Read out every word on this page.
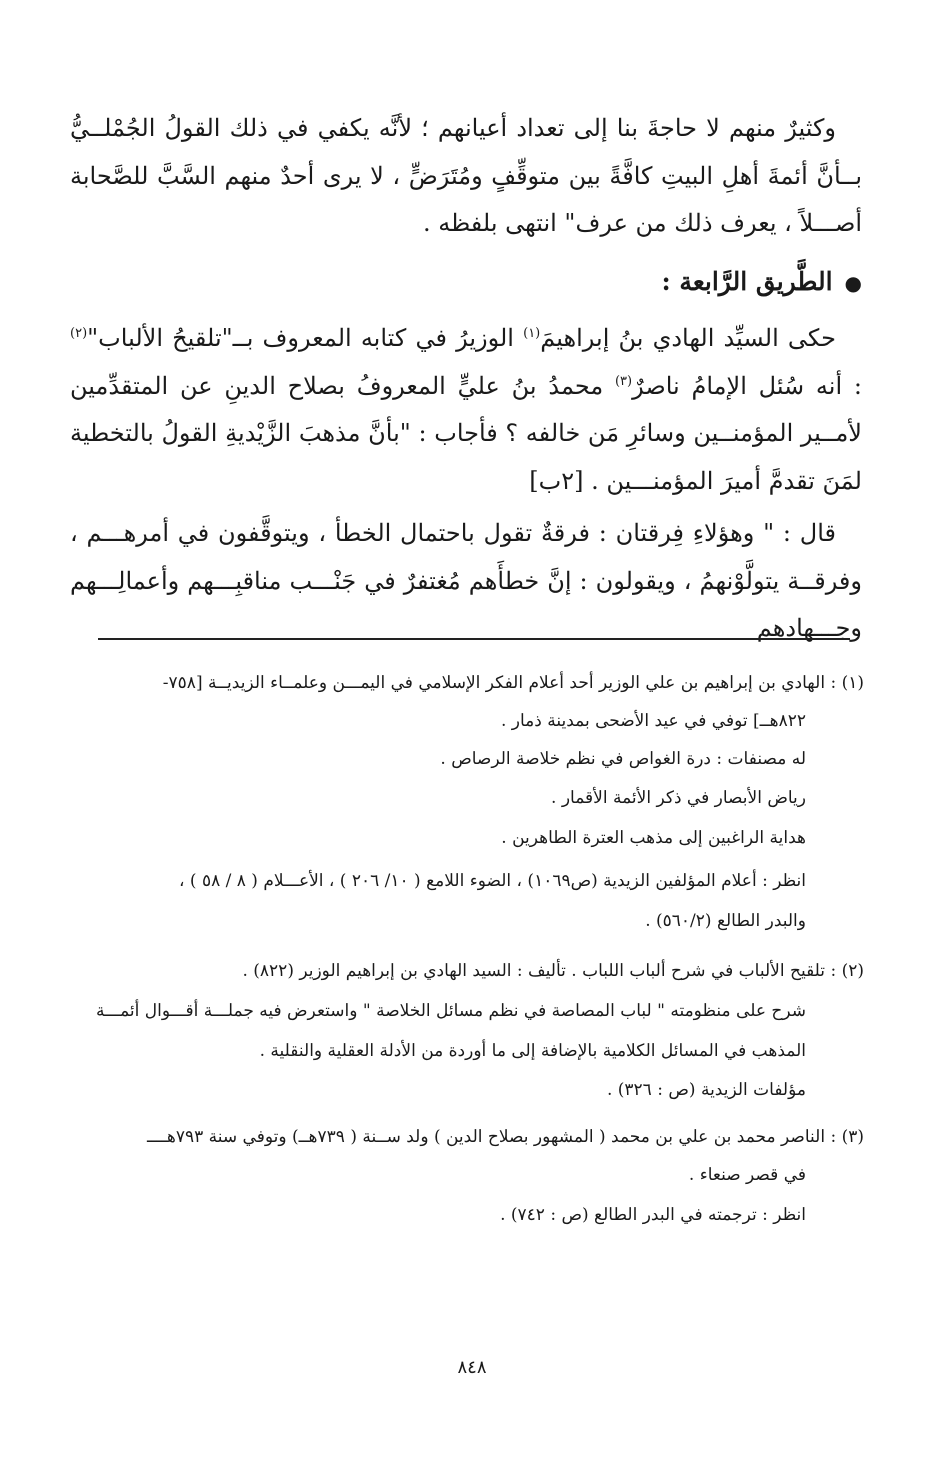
وكثيرٌ منهم لا حاجةَ بنا إلى تعداد أعيانهم ؛ لأنَّه يكفي في ذلك القولُ الجُمْلــيُّ بــأنَّ أئمةَ أهلِ البيتِ كافَّةً بين متوقِّفٍ ومُتَرَضٍّ ، لا يرى أحدٌ منهم السَّبَّ للصَّحابة أصـــلاً ، يعرف ذلك من عرف" انتهى بلفظه .

●الطَّريق الرَّابعة :

حكى السيِّد الهادي بنُ إبراهيمَ$^{(١)}$ الوزيرُ في كتابه المعروف بــ"تلقيحُ الألباب"$^{(٢)}$ : أنه سُئل الإمامُ ناصرٌ$^{(٣)}$ محمدُ بنُ عليٍّ المعروفُ بصلاح الدينِ عن المتقدِّمين لأمــير المؤمنــين وسائرِ مَن خالفه ؟ فأجاب : "بأنَّ مذهبَ الزَّيْديةِ القولُ بالتخطية لمَنَ تقدمَّ أميرَ المؤمنـــين . [٢ب]

قال : " وهؤلاءِ فِرقتان : فرقةٌ تقول باحتمال الخطأ ، ويتوقَّفون في أمرهـــم ، وفرقــة يتولَّوْنهمُ ، ويقولون : إنَّ خطأَهم مُغتفرٌ في جَنْـــب مناقبِـــهم وأعمالِـــهم وجـــهادهم

(١) : الهادي بن إبراهيم بن علي الوزير أحد أعلام الفكر الإسلامي في اليمـــن وعلمــاء الزيديــة [٧٥٨-
٨٢٢هــ] توفي في عيد الأضحى بمدينة ذمار .
له مصنفات : درة الغواص في نظم خلاصة الرصاص .
رياض الأبصار في ذكر الأئمة الأقمار .
هداية الراغبين إلى مذهب العترة الطاهرين .
انظر : أعلام المؤلفين الزيدية (ص١٠٦٩) ، الضوء اللامع ( ١٠/ ٢٠٦ ) ، الأعـــلام ( ٨ / ٥٨ ) ،
والبدر الطالع (٥٦٠/٢) .
(٢) : تلقيح الألباب في شرح ألباب اللباب . تأليف : السيد الهادي بن إبراهيم الوزير (٨٢٢) .
شرح على منظومته " لباب المصاصة في نظم مسائل الخلاصة " واستعرض فيه جملـــة أقـــوال أئمـــة
المذهب في المسائل الكلامية بالإضافة إلى ما أوردة من الأدلة العقلية والنقلية .
مؤلفات الزيدية (ص : ٣٢٦) .
(٣) : الناصر محمد بن علي بن محمد ( المشهور بصلاح الدين ) ولد ســنة ( ٧٣٩هــ) وتوفي سنة ٧٩٣هــــ
في قصر صنعاء .
انظر : ترجمته في البدر الطالع (ص : ٧٤٢) .
٨٤٨
